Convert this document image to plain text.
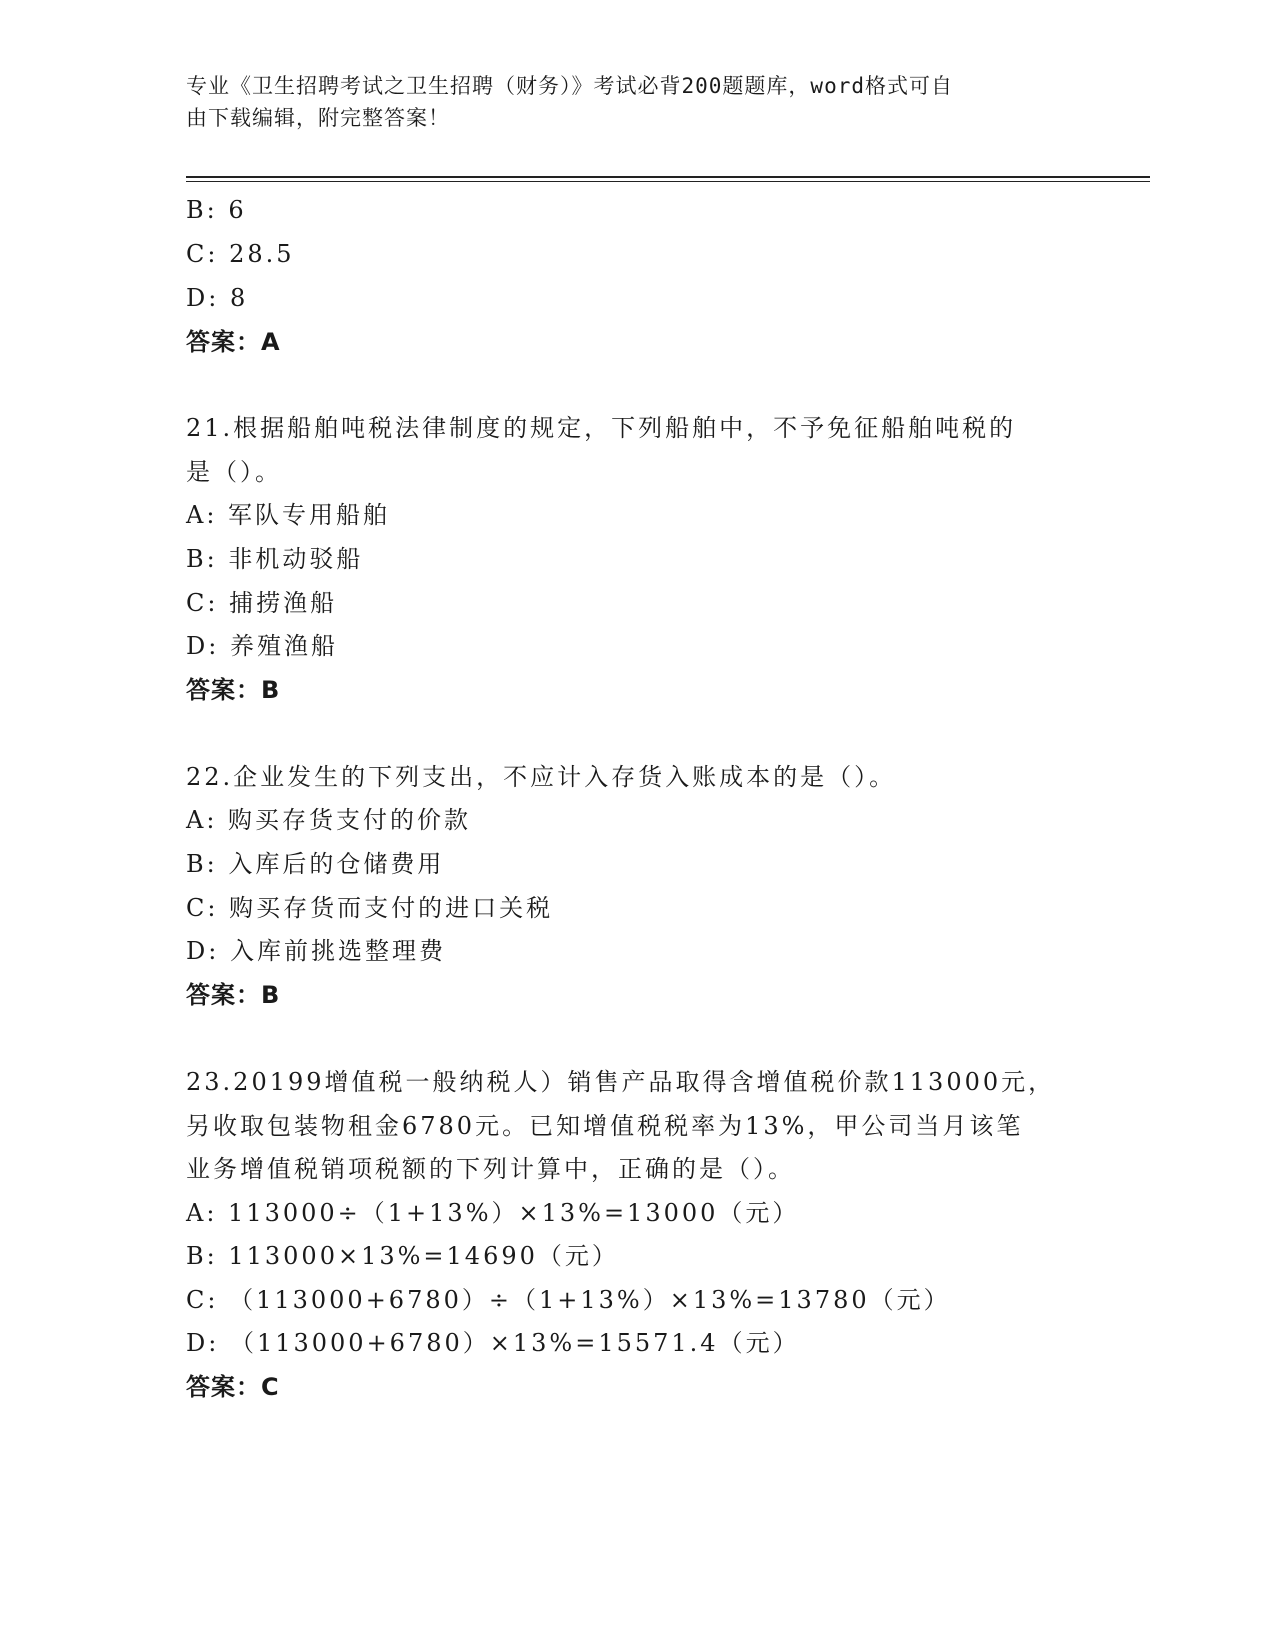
专业《卫生招聘考试之卫生招聘（财务）》考试必背200题题库，word格式可自
由下载编辑，附完整答案！
B: 6
C: 28.5
D: 8
答案：A
21.根据船舶吨税法律制度的规定，下列船舶中，不予免征船舶吨税的
是（）。
A: 军队专用船舶
B: 非机动驳船
C: 捕捞渔船
D: 养殖渔船
答案：B
22.企业发生的下列支出，不应计入存货入账成本的是（）。
A: 购买存货支付的价款
B: 入库后的仓储费用
C: 购买存货而支付的进口关税
D: 入库前挑选整理费
答案：B
23.20199增值税一般纳税人）销售产品取得含增值税价款113000元，
另收取包装物租金6780元。已知增值税税率为13%，甲公司当月该笔
业务增值税销项税额的下列计算中，正确的是（）。
A: 113000÷（1+13%）×13%=13000（元）
B: 113000×13%=14690（元）
C: （113000+6780）÷（1+13%）×13%=13780（元）
D: （113000+6780）×13%=15571.4（元）
答案：C
